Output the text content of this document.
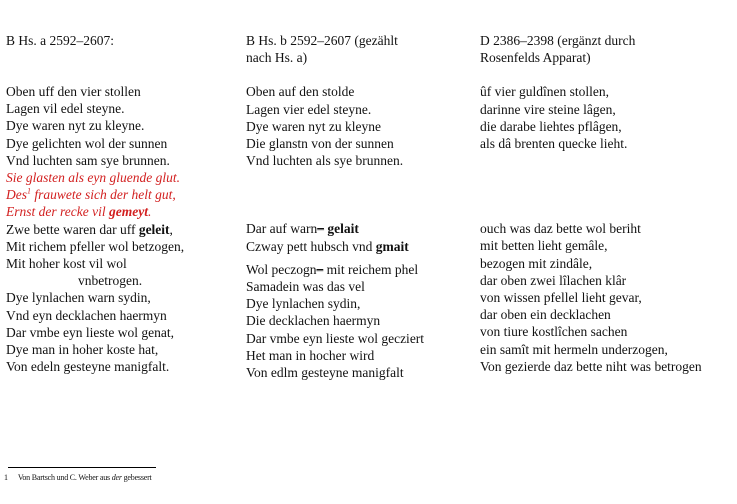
B Hs. a 2592–2607:
Oben uff den vier stollen
Lagen vil edel steyne.
Dye waren nyt zu kleyne.
Dye gelichten wol der sunnen
Vnd luchten sam sye brunnen.
Sie glasten als eyn gluende glut.
Des$^1$ frauwete sich der helt gut,
Ernst der recke vil gemeyt.
Zwe bette waren dar uff geleit,
Mit richem pfeller wol betzogen,
Mit hoher kost vil wol
vnbetrogen.
Dye lynlachen warn sydin,
Vnd eyn decklachen haermyn
Dar vmbe eyn lieste wol genat,
Dye man in hoher koste hat,
Von edeln gesteyne manigfalt.
B Hs. b 2592–2607 (gezählt
nach Hs. a)
Oben auf den stolde
Lagen vier edel steyne.
Dye waren nyt zu kleyne
Die glanstn von der sunnen
Vnd luchten als sye brunnen.
Dar auf warn– gelait
Czway pett hubsch vnd gmait
Wol peczogn– mit reichem phel
Samadein was das vel
Dye lynlachen sydin,
Die decklachen haermyn
Dar vmbe eyn lieste wol gecziert
Het man in hocher wird
Von edlm gesteyne manigfalt
D 2386–2398 (ergänzt durch
Rosenfelds Apparat)
ûf vier guldînen stollen,
darinne vire steine lâgen,
die darabe liehtes pflâgen,
als dâ brenten quecke lieht.
ouch was daz bette wol beriht
mit betten lieht gemâle,
bezogen mit zindâle,
dar oben zwei lîlachen klâr
von wissen pfellel lieht gevar,
dar oben ein decklachen
von tiure kostlîchen sachen
ein samît mit hermeln underzogen,
Von gezierde daz bette niht was betrogen
1 Von Bartsch und C. Weber aus der gebessert
